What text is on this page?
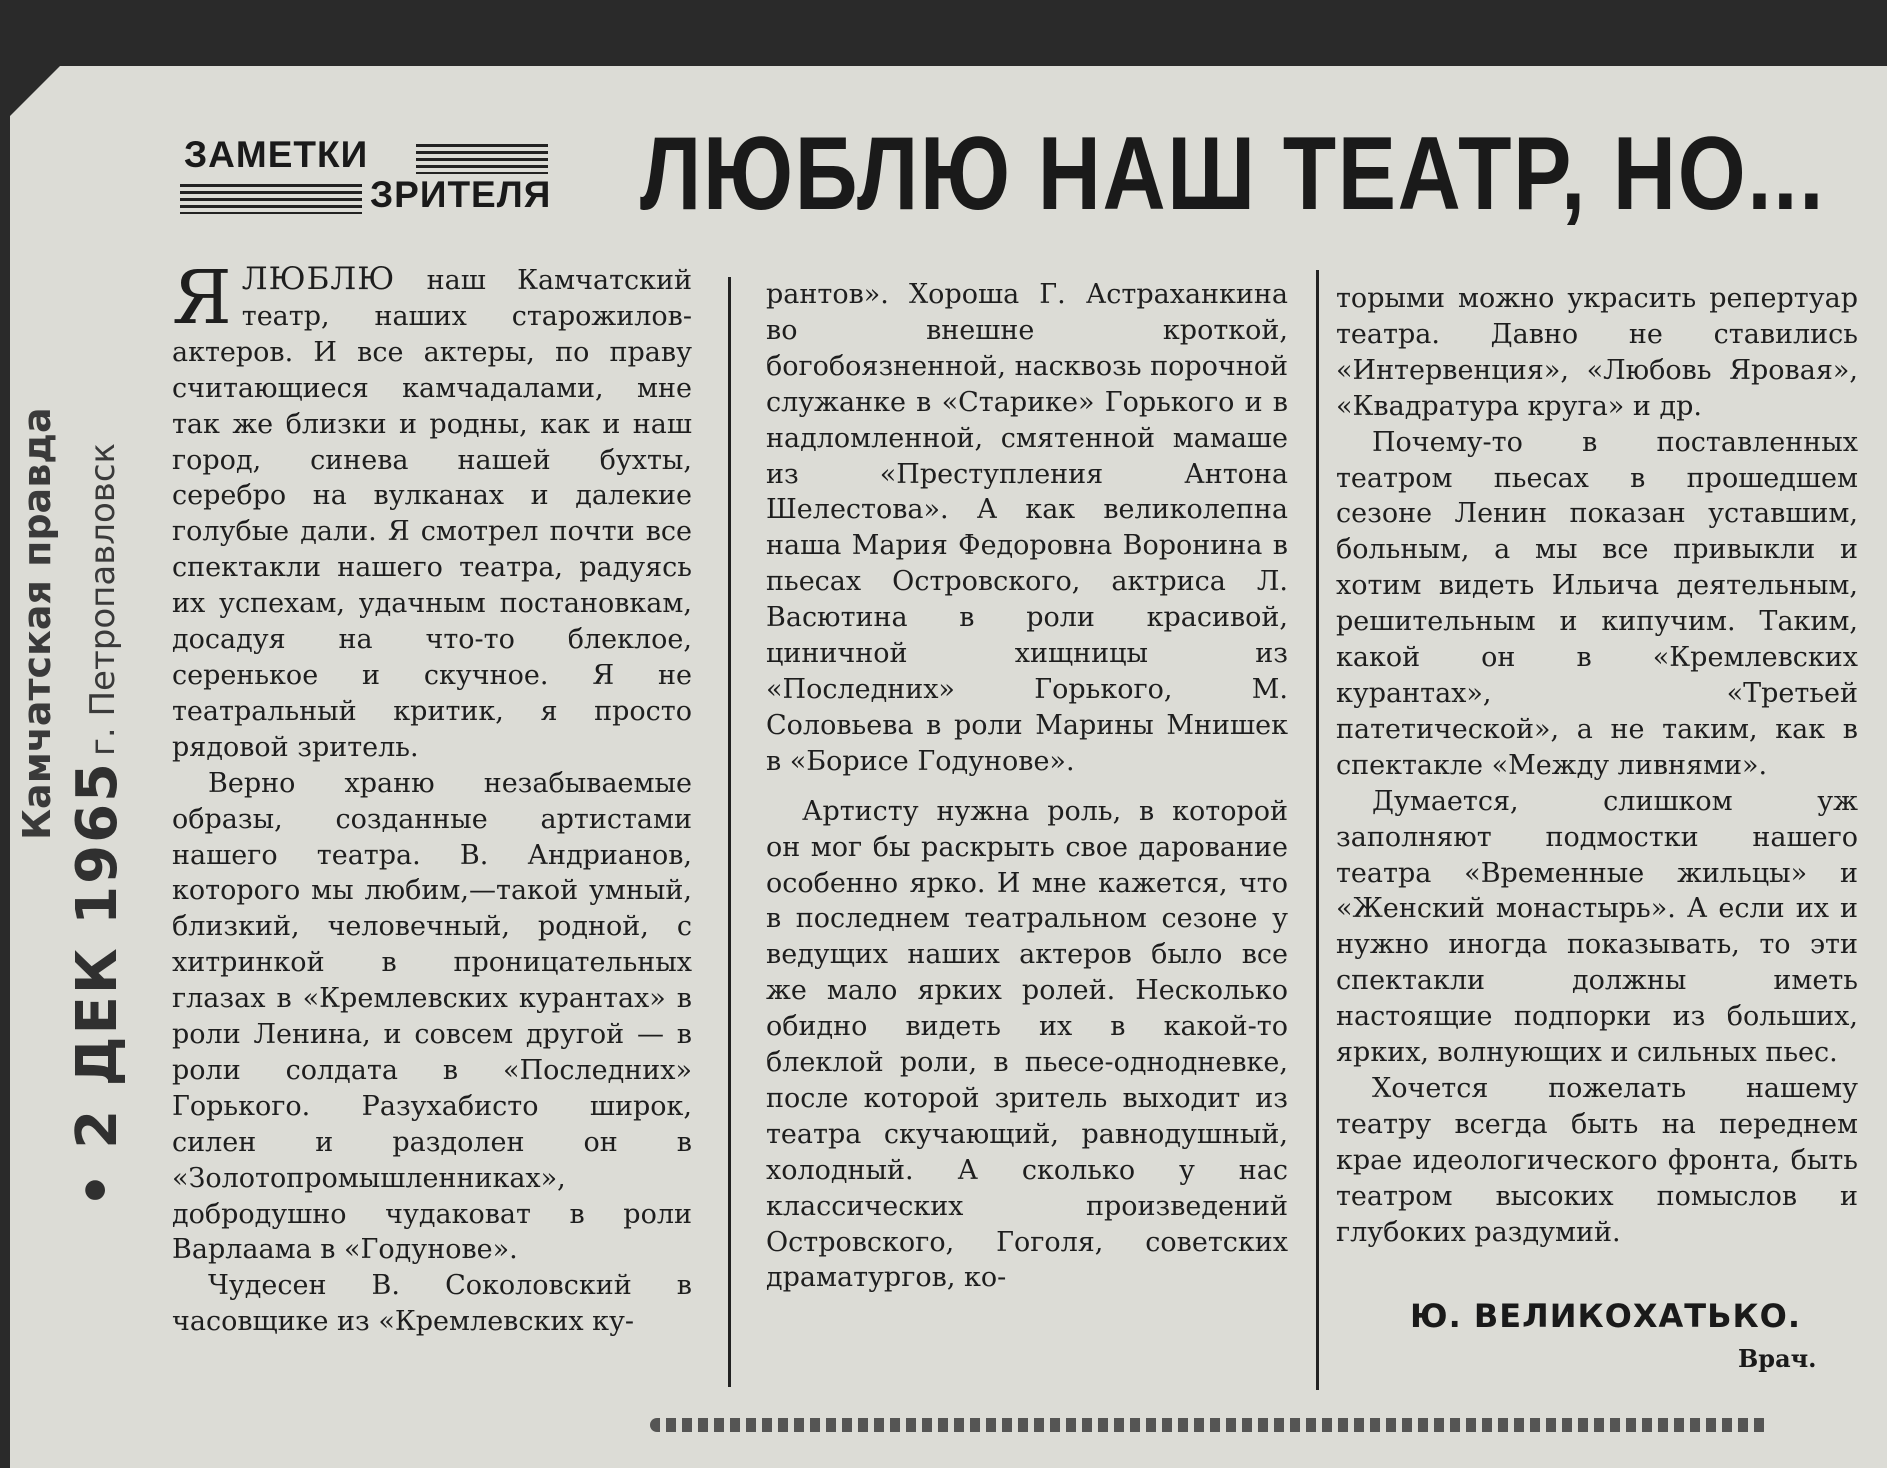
• 2 ДЕК 1965
Камчатская правда г. Петропавловск
ЗАМЕТКИ
ЗРИТЕЛЯ ЛЮБЛЮ НАШ ТЕАТР, НО...

ЯЛЮБЛЮ наш Камчатский театр, наших старожилов-актеров. И все актеры, по праву считающиеся камчадалами, мне так же близки и родны, как и наш город, синева нашей бухты, серебро на вулканах и далекие голубые дали. Я смотрел почти все спектакли нашего театра, радуясь их успехам, удачным постановкам, досадуя на что-то блеклое, серенькое и скучное. Я не театральный критик, я просто рядовой зритель.

Верно храню незабываемые образы, созданные артистами нашего театра. В. Андрианов, которого мы любим,—такой умный, близкий, человечный, родной, с хитринкой в проницательных глазах в «Кремлевских курантах» в роли Ленина, и совсем другой — в роли солдата в «Последних» Горького. Разухабисто широк, силен и раздолен он в «Золотопромышленниках», добродушно чудаковат в роли Варлаама в «Годунове».

Чудесен В. Соколовский в часовщике из «Кремлевских ку-

рантов». Хороша Г. Астраханкина во внешне кроткой, богобоязненной, насквозь порочной служанке в «Старике» Горького и в надломленной, смятенной мамаше из «Преступления Антона Шелестова». А как великолепна наша Мария Федоровна Воронина в пьесах Островского, актриса Л. Васютина в роли красивой, циничной хищницы из «Последних» Горького, М. Соловьева в роли Марины Мнишек в «Борисе Годунове».

Артисту нужна роль, в которой он мог бы раскрыть свое дарование особенно ярко. И мне кажется, что в последнем театральном сезоне у ведущих наших актеров было все же мало ярких ролей. Несколько обидно видеть их в какой-то блеклой роли, в пьесе-однодневке, после которой зритель выходит из театра скучающий, равнодушный, холодный. А сколько у нас классических произведений Островского, Гоголя, советских драматургов, ко-

торыми можно украсить репертуар театра. Давно не ставились «Интервенция», «Любовь Яровая», «Квадратура круга» и др.

Почему-то в поставленных театром пьесах в прошедшем сезоне Ленин показан уставшим, больным, а мы все привыкли и хотим видеть Ильича деятельным, решительным и кипучим. Таким, какой он в «Кремлевских курантах», «Третьей патетической», а не таким, как в спектакле «Между ливнями».

Думается, слишком уж заполняют подмостки нашего театра «Временные жильцы» и «Женский монастырь». А если их и нужно иногда показывать, то эти спектакли должны иметь настоящие подпорки из больших, ярких, волнующих и сильных пьес.

Хочется пожелать нашему театру всегда быть на переднем крае идеологического фронта, быть театром высоких помыслов и глубоких раздумий.

Ю. ВЕЛИКОХАТЬКО.
Врач.
